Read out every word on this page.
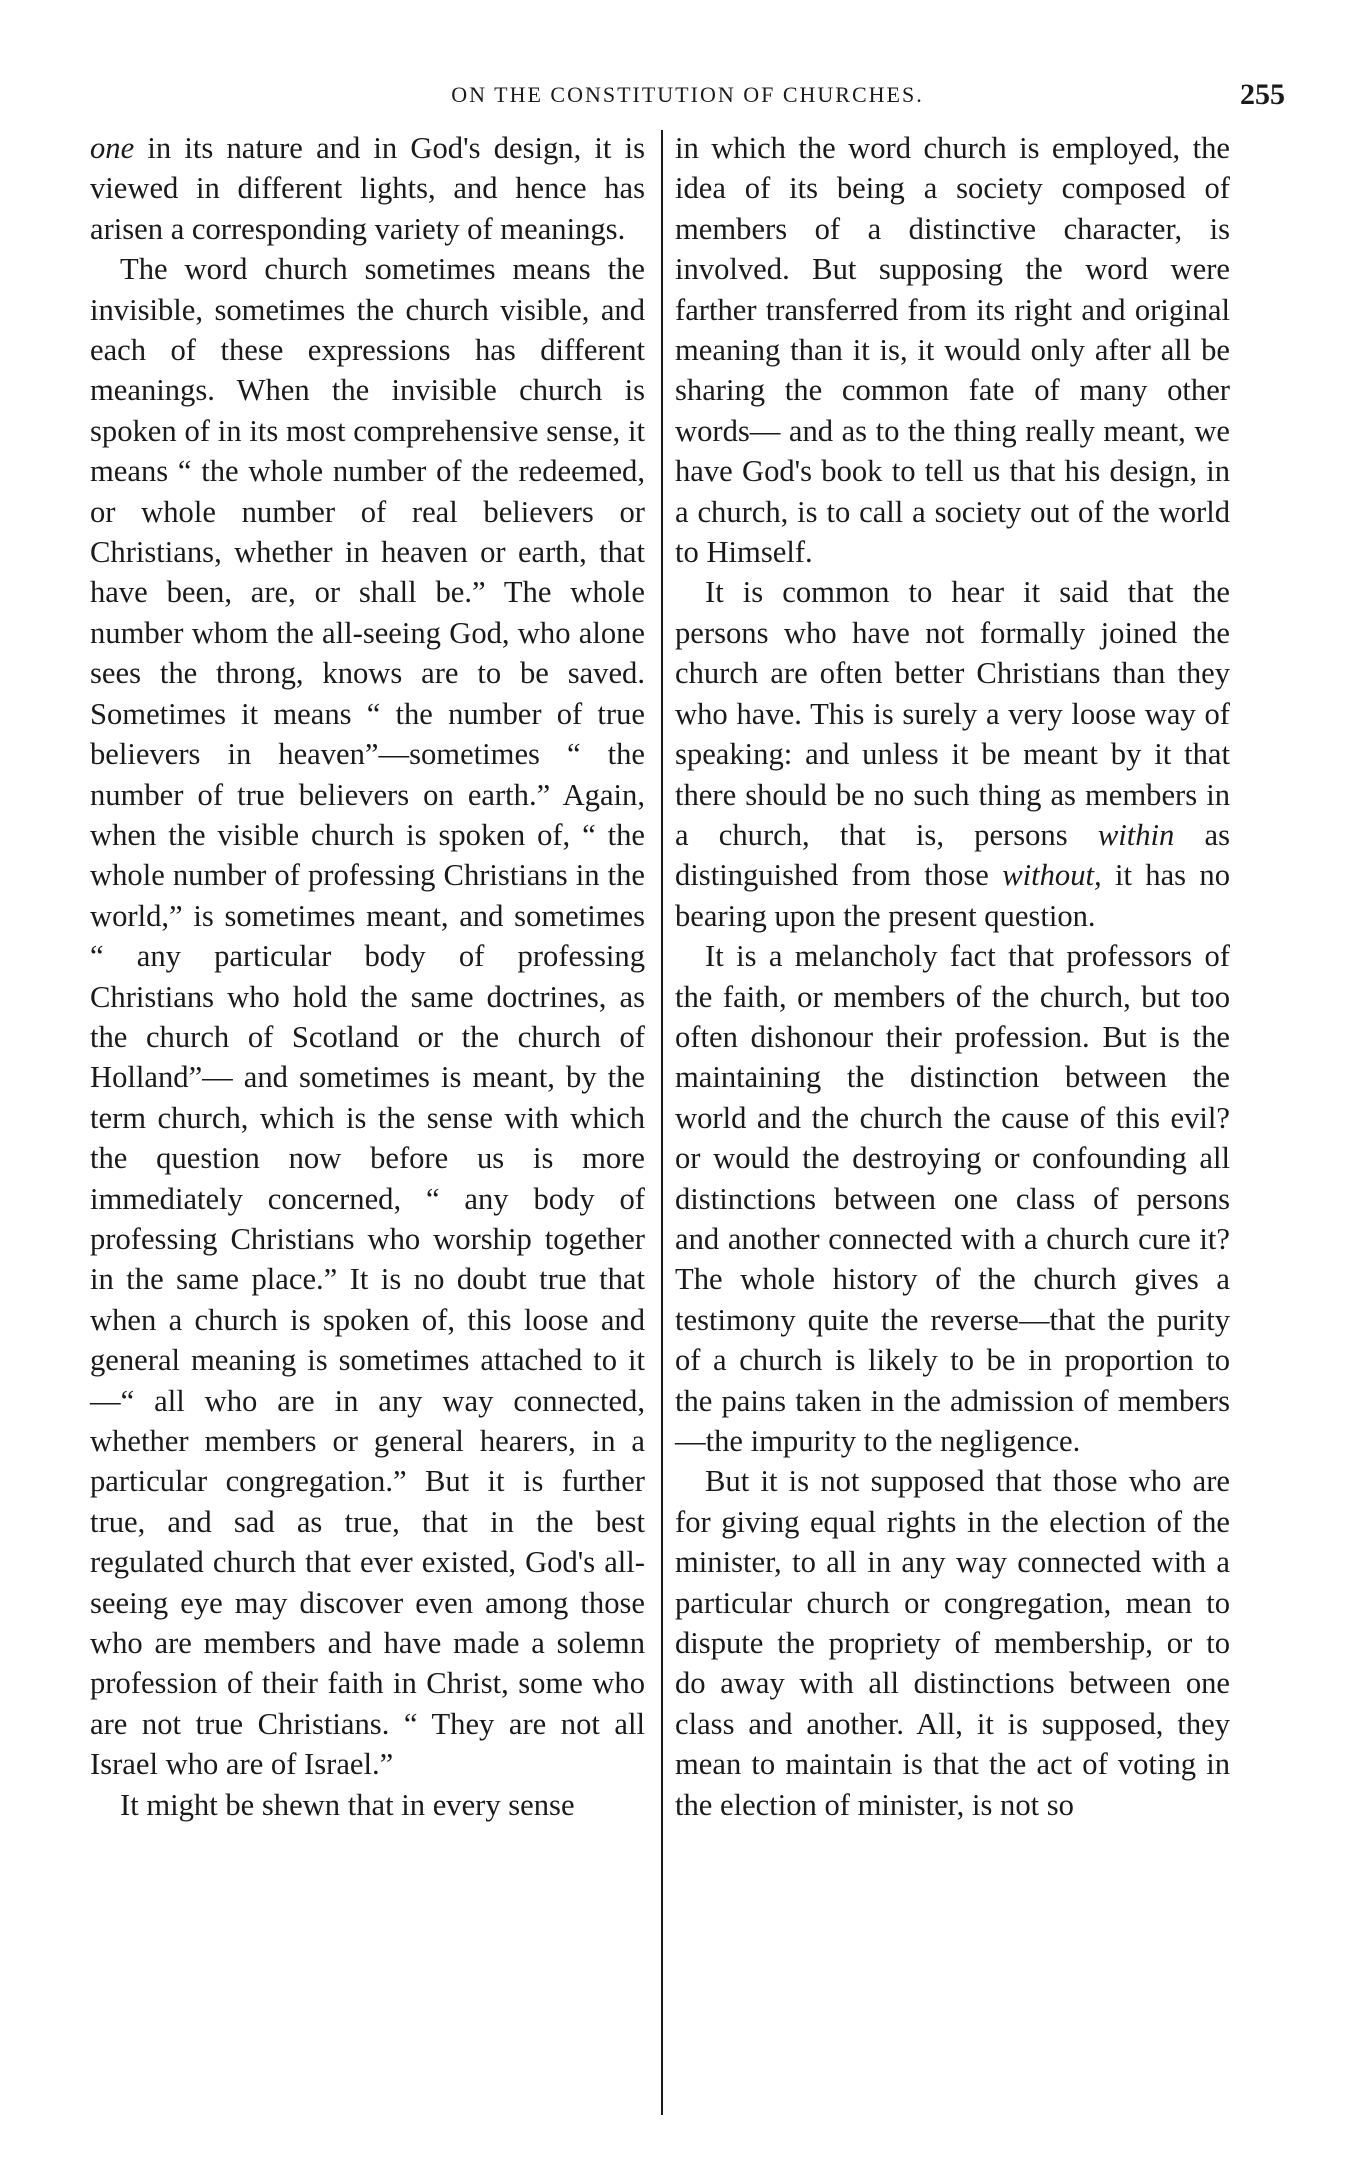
ON THE CONSTITUTION OF CHURCHES.	255

one in its nature and in God's design, it is viewed in different lights, and hence has arisen a corresponding variety of meanings.

The word church sometimes means the invisible, sometimes the church visible, and each of these expressions has different meanings. When the invisible church is spoken of in its most comprehensive sense, it means “ the whole number of the redeemed, or whole number of real believers or Christians, whether in heaven or earth, that have been, are, or shall be.” The whole number whom the all-seeing God, who alone sees the throng, knows are to be saved. Sometimes it means “ the number of true believers in heaven”—sometimes “ the number of true believers on earth.” Again, when the visible church is spoken of, “ the whole number of professing Christians in the world,” is sometimes meant, and sometimes “ any particular body of professing Christians who hold the same doctrines, as the church of Scotland or the church of Holland”— and sometimes is meant, by the term church, which is the sense with which the question now before us is more immediately concerned, “ any body of professing Christians who worship together in the same place.” It is no doubt true that when a church is spoken of, this loose and general meaning is sometimes attached to it—“ all who are in any way connected, whether members or general hearers, in a particular congregation.” But it is further true, and sad as true, that in the best regulated church that ever existed, God's all-seeing eye may discover even among those who are members and have made a solemn profession of their faith in Christ, some who are not true Christians. “ They are not all Israel who are of Israel.”

It might be shewn that in every sense

in which the word church is employed, the idea of its being a society composed of members of a distinctive character, is involved. But supposing the word were farther transferred from its right and original meaning than it is, it would only after all be sharing the common fate of many other words— and as to the thing really meant, we have God's book to tell us that his design, in a church, is to call a society out of the world to Himself.

It is common to hear it said that the persons who have not formally joined the church are often better Christians than they who have. This is surely a very loose way of speaking: and unless it be meant by it that there should be no such thing as members in a church, that is, persons within as distinguished from those without, it has no bearing upon the present question.

It is a melancholy fact that professors of the faith, or members of the church, but too often dishonour their profession. But is the maintaining the distinction between the world and the church the cause of this evil? or would the destroying or confounding all distinctions between one class of persons and another connected with a church cure it? The whole history of the church gives a testimony quite the reverse—that the purity of a church is likely to be in proportion to the pains taken in the admission of members—the impurity to the negligence.

But it is not supposed that those who are for giving equal rights in the election of the minister, to all in any way connected with a particular church or congregation, mean to dispute the propriety of membership, or to do away with all distinctions between one class and another. All, it is supposed, they mean to maintain is that the act of voting in the election of minister, is not so
